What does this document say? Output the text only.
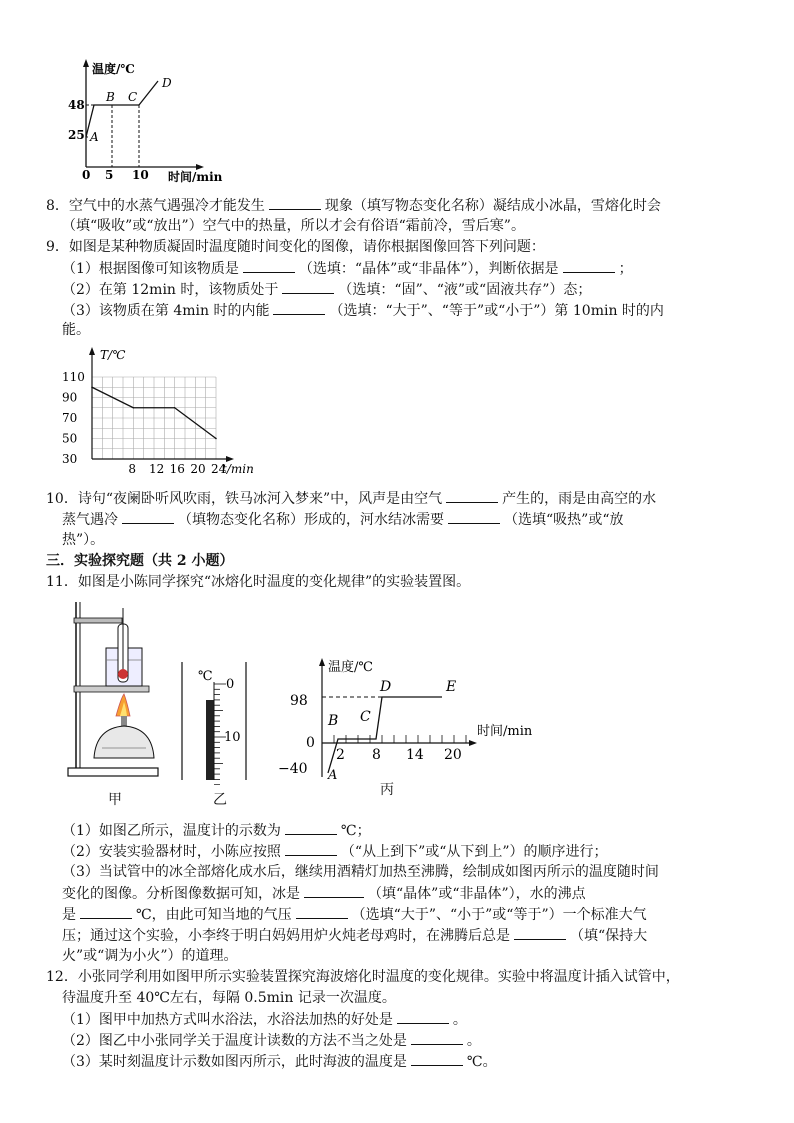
温度/℃
时间/min
48
25
0 5 10
A
B C
D
8．空气中的水蒸气遇强冷才能发生	现象（填写物态变化名称）凝结成小冰晶，雪熔化时会
（填“吸收”或“放出”）空气中的热量，所以才会有俗语“霜前冷，雪后寒”。
9．如图是某种物质凝固时温度随时间变化的图像，请你根据图像回答下列问题：
（1）根据图像可知该物质是	（选填：“晶体”或“非晶体”），判断依据是	；
（2）在第 12min 时，该物质处于	（选填：“固”、“液”或“固液共存”）态；
（3）该物质在第 4min 时的内能	（选填：“大于”、“等于”或“小于”）第 10min 时的内
能。
T/℃
t/min
110
90
70
50
30
8 12 16 20 24
10．诗句“夜阑卧听风吹雨，铁马冰河入梦来”中，风声是由空气	产生的，雨是由高空的水
蒸气遇冷	（填物态变化名称）形成的，河水结冰需要	（选填“吸热”或“放
热”）。
三．实验探究题（共 2 小题）
11．如图是小陈同学探究“冰熔化时温度的变化规律”的实验装置图。
甲
℃
0
10
乙
温度/℃
时间/min
98
0
−40
2 8 14 20
A
B C
D	E
丙
（1）如图乙所示，温度计的示数为	℃；
（2）安装实验器材时，小陈应按照	（“从上到下”或“从下到上”）的顺序进行；
（3）当试管中的冰全部熔化成水后，继续用酒精灯加热至沸腾，绘制成如图丙所示的温度随时间
变化的图像。分析图像数据可知，冰是	（填“晶体”或“非晶体”），水的沸点
是	℃，由此可知当地的气压	（选填“大于”、“小于”或“等于”）一个标准大气
压；通过这个实验，小李终于明白妈妈用炉火炖老母鸡时，在沸腾后总是	（填“保持大
火”或“调为小火”）的道理。
12．小张同学利用如图甲所示实验装置探究海波熔化时温度的变化规律。实验中将温度计插入试管中，
待温度升至 40℃左右，每隔 0.5min 记录一次温度。
（1）图甲中加热方式叫水浴法，水浴法加热的好处是	。
（2）图乙中小张同学关于温度计读数的方法不当之处是	。
（3）某时刻温度计示数如图丙所示，此时海波的温度是	℃。
